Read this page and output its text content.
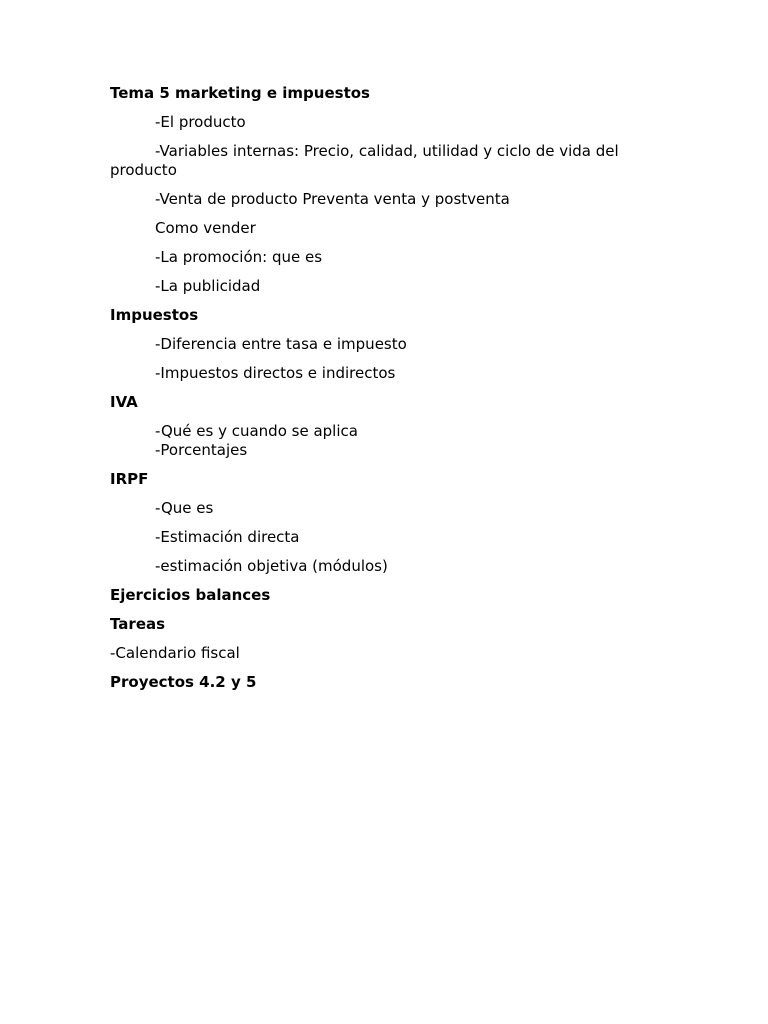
Tema 5 marketing e impuestos
-El producto
-Variables internas: Precio, calidad, utilidad y ciclo de vida del producto
-Venta de producto Preventa venta y postventa
Como vender
-La promoción: que es
-La publicidad
Impuestos
-Diferencia entre tasa e impuesto
-Impuestos directos e indirectos
IVA
-Qué es y cuando se aplica
-Porcentajes
IRPF
-Que es
-Estimación directa
-estimación objetiva (módulos)
Ejercicios balances
Tareas
-Calendario fiscal
Proyectos 4.2 y 5
